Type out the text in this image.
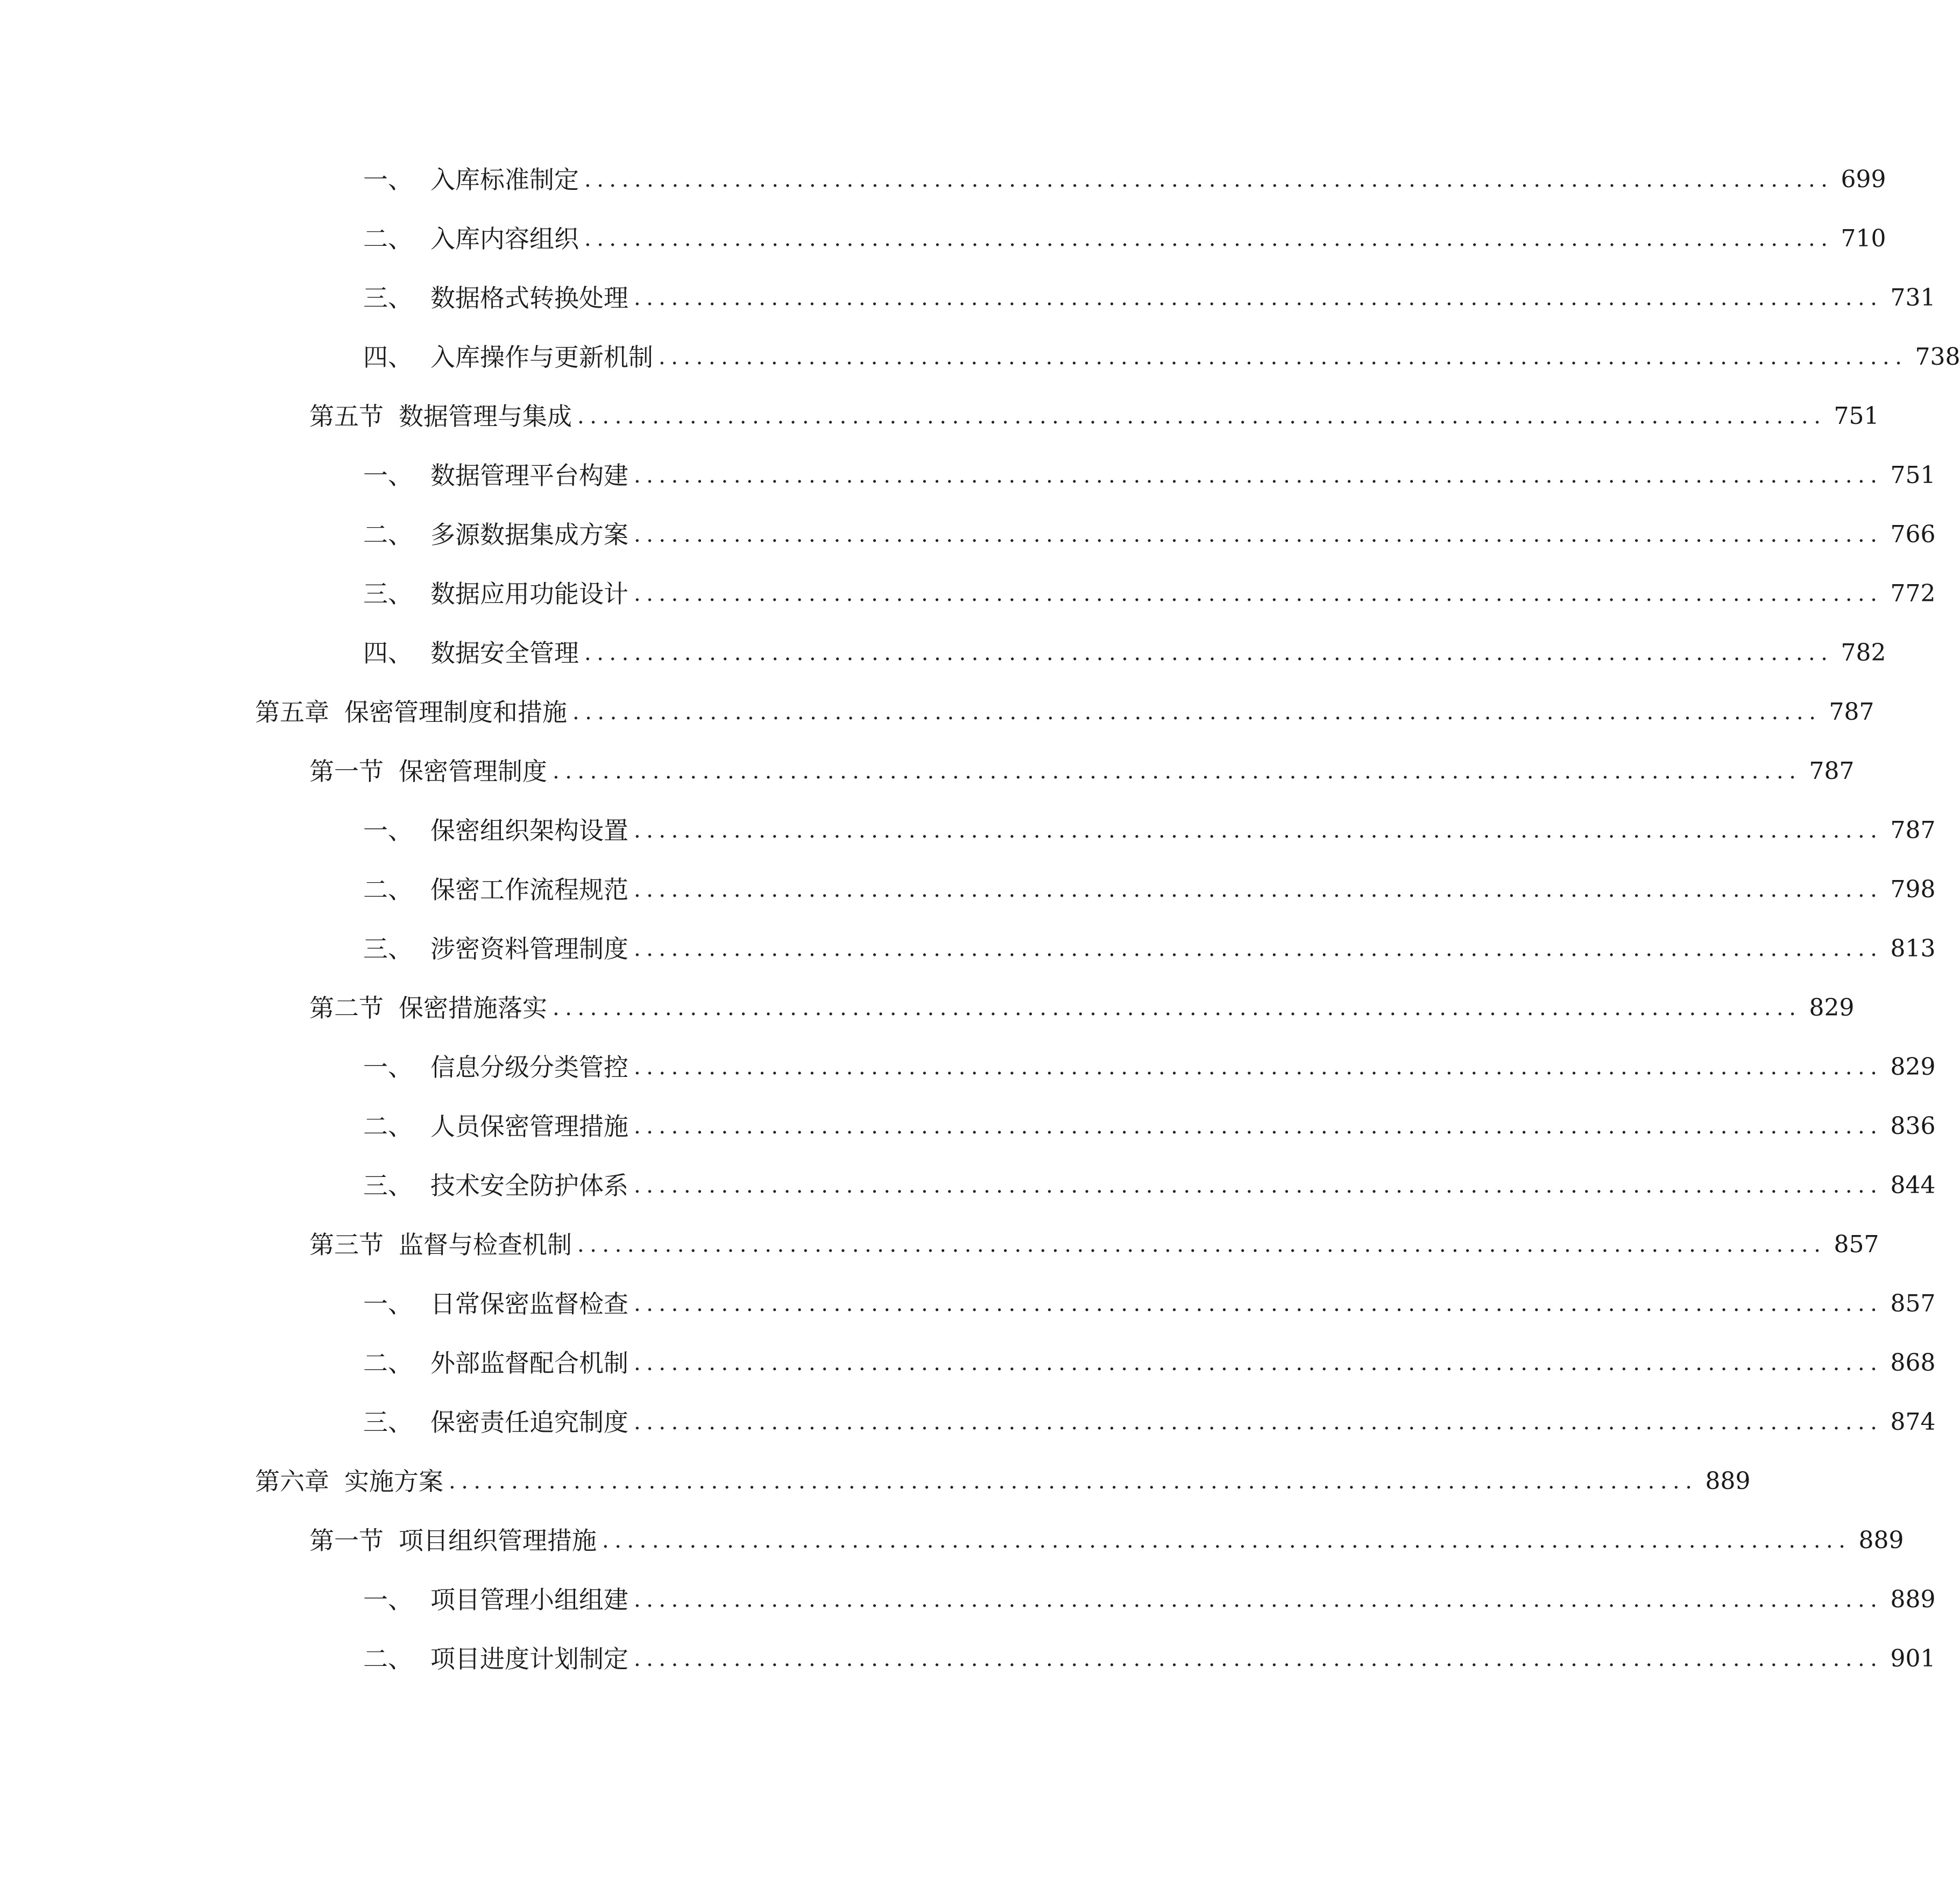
一、 入库标准制定 .................................................................................................... 699
二、 入库内容组织 .................................................................................................... 710
三、 数据格式转换处理 .................................................................................................... 731
四、 入库操作与更新机制 .................................................................................................... 738
第五节 数据管理与集成 .................................................................................................... 751
一、 数据管理平台构建 .................................................................................................... 751
二、 多源数据集成方案 .................................................................................................... 766
三、 数据应用功能设计 .................................................................................................... 772
四、 数据安全管理 .................................................................................................... 782
第五章 保密管理制度和措施 .................................................................................................... 787
第一节 保密管理制度 .................................................................................................... 787
一、 保密组织架构设置 .................................................................................................... 787
二、 保密工作流程规范 .................................................................................................... 798
三、 涉密资料管理制度 .................................................................................................... 813
第二节 保密措施落实 .................................................................................................... 829
一、 信息分级分类管控 .................................................................................................... 829
二、 人员保密管理措施 .................................................................................................... 836
三、 技术安全防护体系 .................................................................................................... 844
第三节 监督与检查机制 .................................................................................................... 857
一、 日常保密监督检查 .................................................................................................... 857
二、 外部监督配合机制 .................................................................................................... 868
三、 保密责任追究制度 .................................................................................................... 874
第六章 实施方案 .................................................................................................... 889
第一节 项目组织管理措施 .................................................................................................... 889
一、 项目管理小组组建 .................................................................................................... 889
二、 项目进度计划制定 .................................................................................................... 901
